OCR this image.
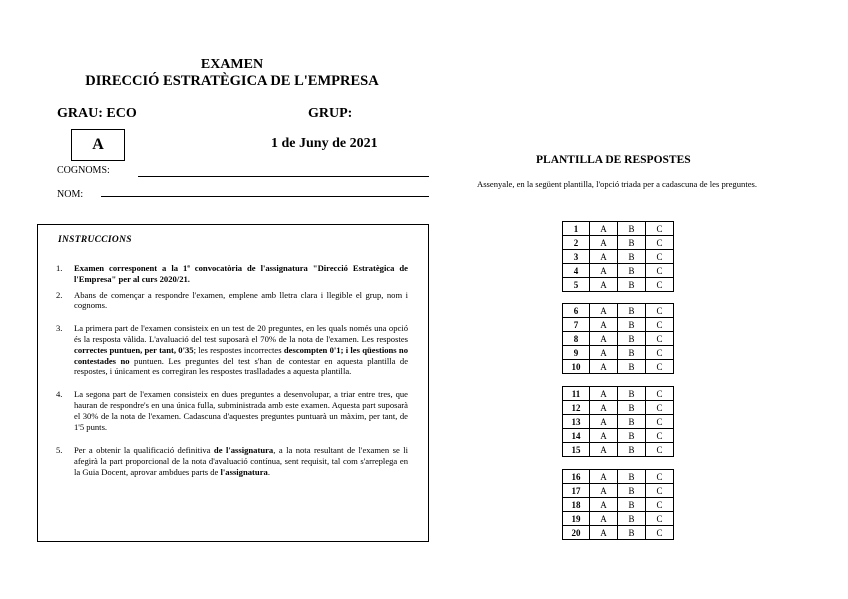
EXAMEN
DIRECCIÓ ESTRATÈGICA DE L'EMPRESA
GRAU: ECO	GRUP:
A	1 de Juny de 2021
COGNOMS:
NOM:
INSTRUCCIONS
1. Examen corresponent a la 1ª convocatòria de l'assignatura "Direcció Estratègica de l'Empresa" per al curs 2020/21.
2. Abans de començar a respondre l'examen, emplene amb lletra clara i llegible el grup, nom i cognoms.
3. La primera part de l'examen consisteix en un test de 20 preguntes, en les quals només una opció és la resposta vàlida. L'avaluació del test suposarà el 70% de la nota de l'examen. Les respostes correctes puntuen, per tant, 0'35; les respostes incorrectes descompten 0'1; i les qüestions no contestades no puntuen. Les preguntes del test s'han de contestar en aquesta plantilla de respostes, i únicament es corregiran les respostes traslladades a aquesta plantilla.
4. La segona part de l'examen consisteix en dues preguntes a desenvolupar, a triar entre tres, que hauran de respondre's en una única fulla, subministrada amb este examen. Aquesta part suposarà el 30% de la nota de l'examen. Cadascuna d'aquestes preguntes puntuarà un màxim, per tant, de 1'5 punts.
5. Per a obtenir la qualificació definitiva de l'assignatura, a la nota resultant de l'examen se li afegirà la part proporcional de la nota d'avaluació contínua, sent requisit, tal com s'arreplega en la Guia Docent, aprovar ambdues parts de l'assignatura.
PLANTILLA DE RESPOSTES
Assenyale, en la següent plantilla, l'opció triada per a cadascuna de les preguntes.
1	A	B	C
2	A	B	C
3	A	B	C
4	A	B	C
5	A	B	C
6	A	B	C
7	A	B	C
8	A	B	C
9	A	B	C
10	A	B	C
11	A	B	C
12	A	B	C
13	A	B	C
14	A	B	C
15	A	B	C
16	A	B	C
17	A	B	C
18	A	B	C
19	A	B	C
20	A	B	C
